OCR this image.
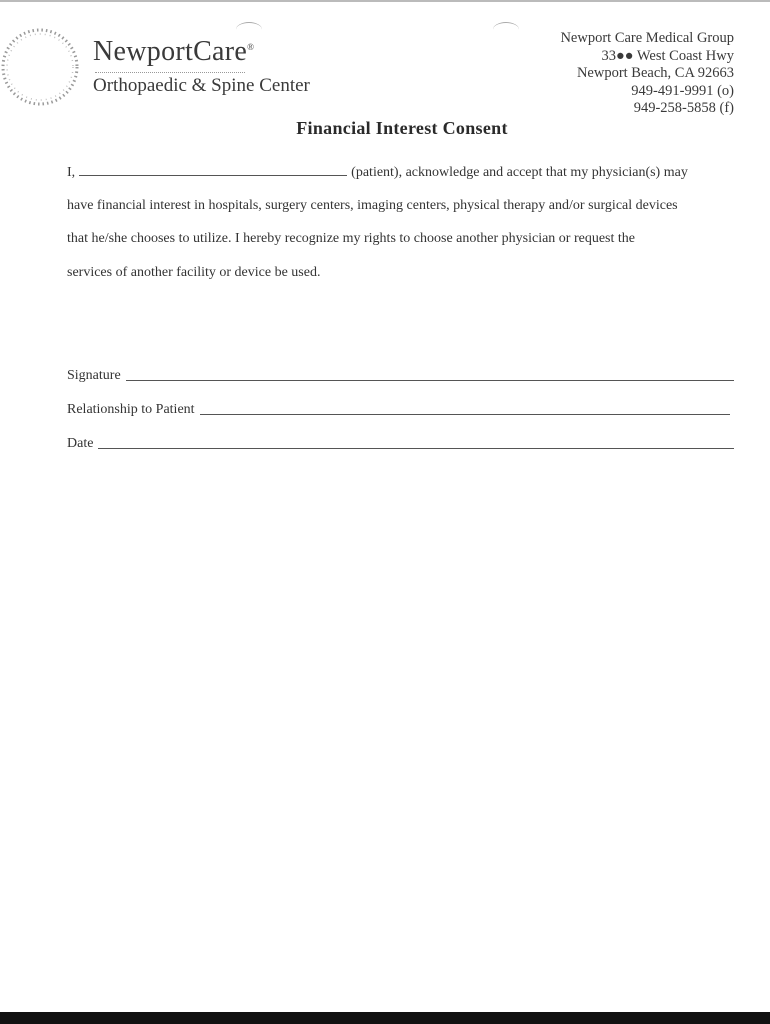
NewportCare®
Orthopaedic & Spine Center
Newport Care Medical Group
33●● West Coast Hwy
Newport Beach, CA 92663
949-491-9991 (o)
949-258-5858 (f)
Financial Interest Consent
I,	(patient), acknowledge and accept that my physician(s) may
have financial interest in hospitals, surgery centers, imaging centers, physical therapy and/or surgical devices
that he/she chooses to utilize. I hereby recognize my rights to choose another physician or request the
services of another facility or device be used.
Signature
Relationship to Patient
Date
